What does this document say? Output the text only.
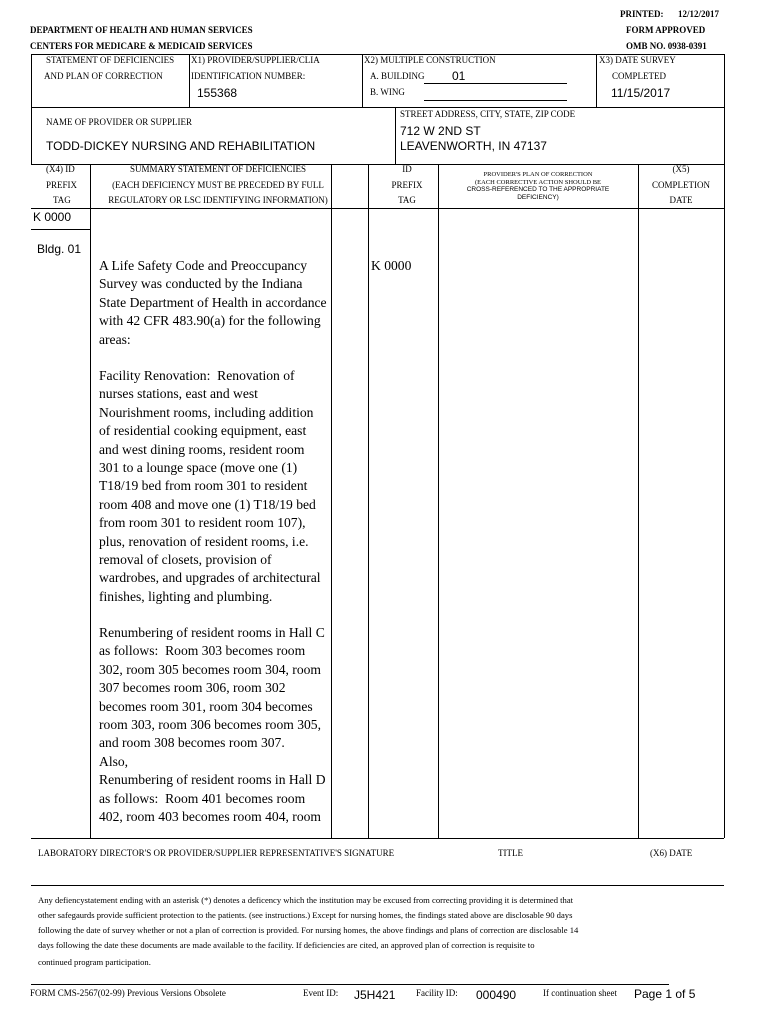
PRINTED: 12/12/2017
DEPARTMENT OF HEALTH AND HUMAN SERVICES	FORM APPROVED
CENTERS FOR MEDICARE & MEDICAID SERVICES	OMB NO. 0938-0391
STATEMENT OF DEFICIENCIES
AND PLAN OF CORRECTION
X1) PROVIDER/SUPPLIER/CLIA
IDENTIFICATION NUMBER:
155368
X2) MULTIPLE CONSTRUCTION
A. BUILDING 01
B. WING
X3) DATE SURVEY
COMPLETED
11/15/2017
NAME OF PROVIDER OR SUPPLIER
TODD-DICKEY NURSING AND REHABILITATION
STREET ADDRESS, CITY, STATE, ZIP CODE
712 W 2ND ST
LEAVENWORTH, IN 47137
(X4) ID
PREFIX
TAG
SUMMARY STATEMENT OF DEFICIENCIES
(EACH DEFICIENCY MUST BE PRECEDED BY FULL
REGULATORY OR LSC IDENTIFYING INFORMATION)
ID
PREFIX
TAG
PROVIDER'S PLAN OF CORRECTION
(EACH CORRECTIVE ACTION SHOULD BE
CROSS-REFERENCED TO THE APPROPRIATE
DEFICIENCY)
(X5)
COMPLETION
DATE
K 0000
Bldg. 01
K 0000
A Life Safety Code and Preoccupancy
Survey was conducted by the Indiana
State Department of Health in accordance
with 42 CFR 483.90(a) for the following
areas:
Facility Renovation:  Renovation of
nurses stations, east and west
Nourishment rooms, including addition
of residential cooking equipment, east
and west dining rooms, resident room
301 to a lounge space (move one (1)
T18/19 bed from room 301 to resident
room 408 and move one (1) T18/19 bed
from room 301 to resident room 107),
plus, renovation of resident rooms, i.e.
removal of closets, provision of
wardrobes, and upgrades of architectural
finishes, lighting and plumbing.
Renumbering of resident rooms in Hall C
as follows:  Room 303 becomes room
302, room 305 becomes room 304, room
307 becomes room 306, room 302
becomes room 301, room 304 becomes
room 303, room 306 becomes room 305,
and room 308 becomes room 307.
Also,
Renumbering of resident rooms in Hall D
as follows:  Room 401 becomes room
402, room 403 becomes room 404, room
LABORATORY DIRECTOR'S OR PROVIDER/SUPPLIER REPRESENTATIVE'S SIGNATURE	TITLE	(X6) DATE
Any defiencystatement ending with an asterisk (*) denotes a deficency which the institution may be excused from correcting providing it is determined that
other safegaurds provide sufficient protection to the patients. (see instructions.) Except for nursing homes, the findings stated above are disclosable 90 days
following the date of survey whether or not a plan of correction is provided. For nursing homes, the above findings and plans of correction are disclosable 14
days following the date these documents are made available to the facility. If deficiencies are cited, an approved plan of correction is requisite to
continued program participation.
FORM CMS-2567(02-99) Previous Versions Obsolete	Event ID: J5H421 Facility ID: 000490	If continuation sheet Page 1 of 5
